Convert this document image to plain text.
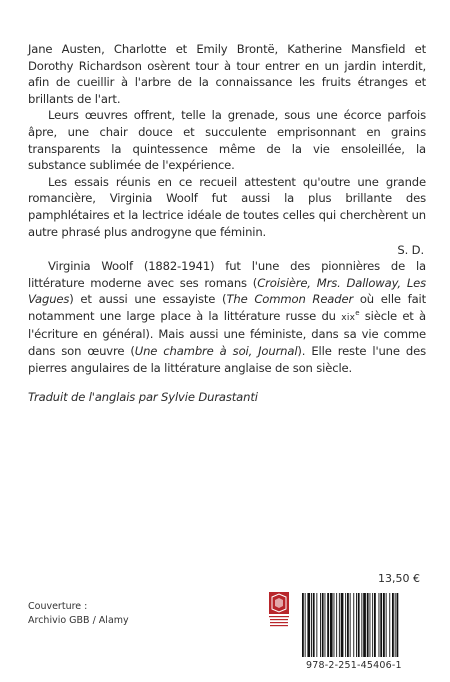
Jane Austen, Charlotte et Emily Brontë, Katherine Mansfield et Dorothy Richardson osèrent tour à tour entrer en un jardin interdit, afin de cueillir à l'arbre de la connaissance les fruits étranges et brillants de l'art.

Leurs œuvres offrent, telle la grenade, sous une écorce parfois âpre, une chair douce et succulente emprisonnant en grains transparents la quintessence même de la vie ensoleillée, la substance sublimée de l'expérience.

Les essais réunis en ce recueil attestent qu'outre une grande romancière, Virginia Woolf fut aussi la plus brillante des pamphlétaires et la lectrice idéale de toutes celles qui cherchèrent un autre phrasé plus androgyne que féminin.

S. D.

Virginia Woolf (1882-1941) fut l'une des pionnières de la littérature moderne avec ses romans (Croisière, Mrs. Dalloway, Les Vagues) et aussi une essayiste (The Common Reader où elle fait notamment une large place à la littérature russe du xix$^e$ siècle et à l'écriture en général). Mais aussi une féministe, dans sa vie comme dans son œuvre (Une chambre à soi, Journal). Elle reste l'une des pierres angulaires de la littérature anglaise de son siècle.

Traduit de l'anglais par Sylvie Durastanti

13,50 €
Couverture :
Archivio GBB / Alamy
978-2-251-45406-1
